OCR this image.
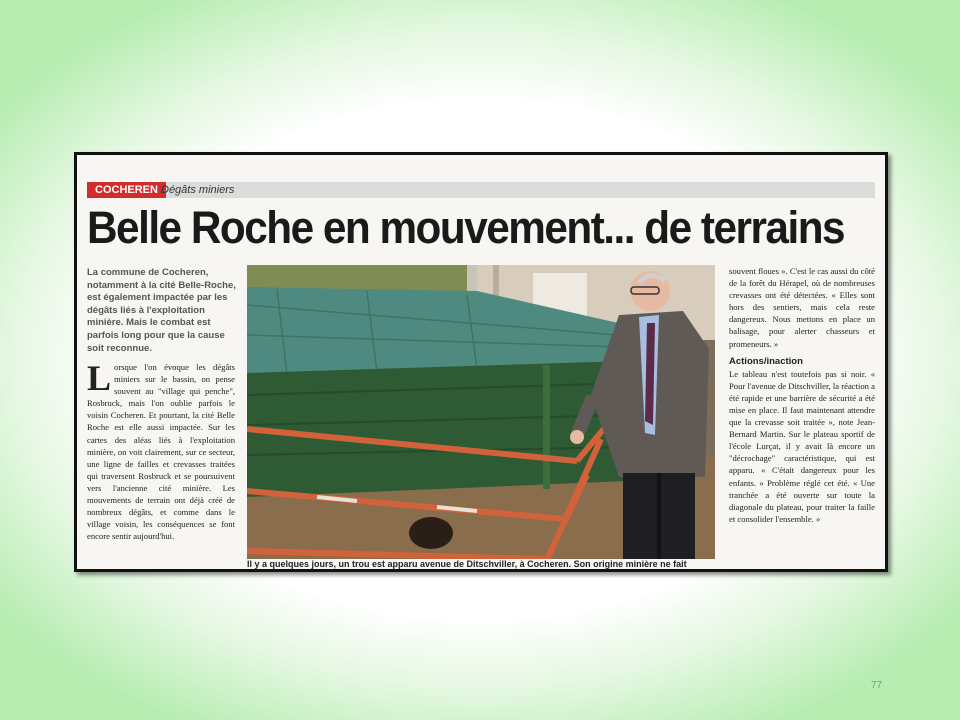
COCHEREN Dégâts miniers
Belle Roche en mouvement... de terrains
La commune de Cocheren, notamment à la cité Belle-Roche, est également impactée par les dégâts liés à l'exploitation minière. Mais le combat est parfois long pour que la cause soit reconnue.
L orsque l'on évoque les dégâts miniers sur le bassin, on pense souvent au "village qui penche", Rosbruck, mais l'on oublie parfois le voisin Cocheren. Et pourtant, la cité Belle Roche est elle aussi impactée. Sur les cartes des aléas liés à l'exploitation minière, on voit clairement, sur ce secteur, une ligne de failles et crevasses traitées qui traversent Rosbruck et se poursuivent vers l'ancienne cité minière. Les mouvements de terrain ont déjà créé de nombreux dégâts, et comme dans le village voisin, les conséquences se font encore sentir aujourd'hui.
Il y a quelques jours, un trou est apparu avenue de Ditschviller, à Cocheren. Son origine minière ne fait
souvent floues ». C'est le cas aussi du côté de la forêt du Hérapel, où de nombreuses crevasses ont été détectées. « Elles sont hors des sentiers, mais cela reste dangereux. Nous mettons en place un balisage, pour alerter chasseurs et promeneurs. »
Actions/inaction
Le tableau n'est toutefois pas si noir. « Pour l'avenue de Ditschviller, la réaction a été rapide et une barrière de sécurité a été mise en place. Il faut maintenant attendre que la crevasse soit traitée », note Jean-Bernard Martin. Sur le plateau sportif de l'école Lurçat, il y avait là encore un "décrochage" caractéristique, qui est apparu. « C'était dangereux pour les enfants. » Problème réglé cet été. « Une tranchée a été ouverte sur toute la diagonale du plateau, pour traiter la faille et consolider l'ensemble. »
77
